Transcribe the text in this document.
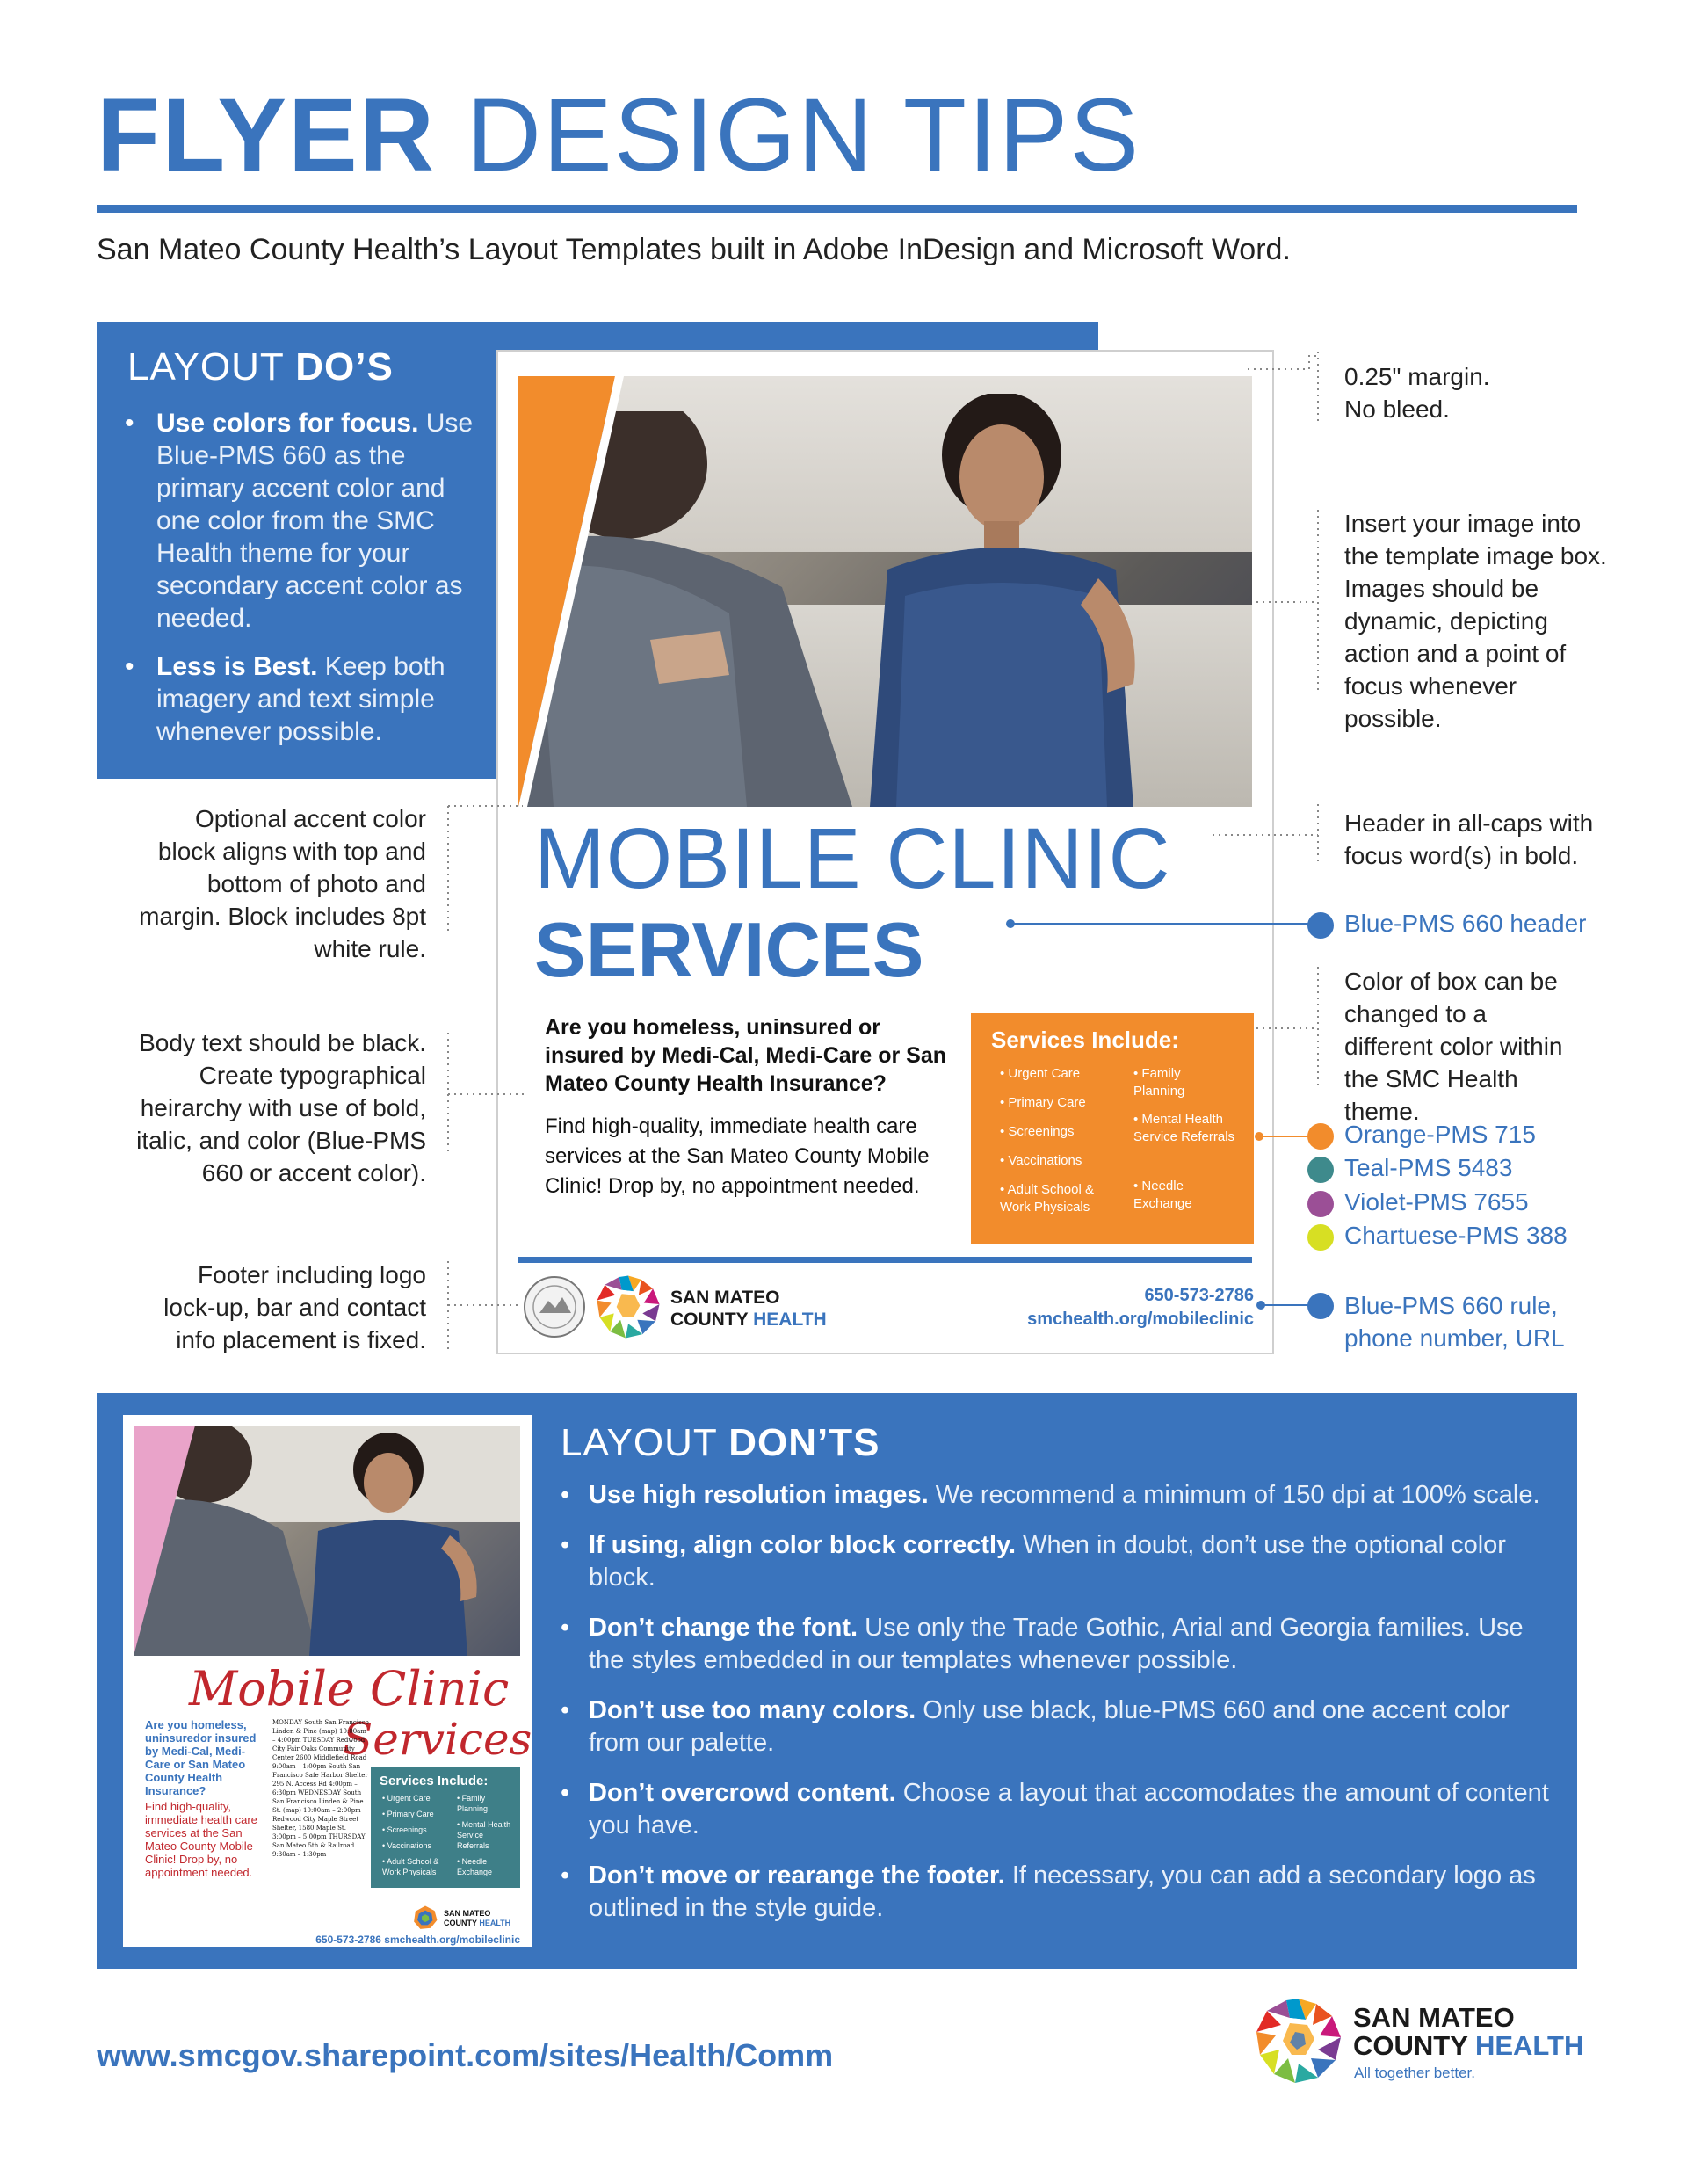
FLYER DESIGN TIPS
San Mateo County Health’s Layout Templates built in Adobe InDesign and Microsoft Word.
LAYOUT DO’S
• Use colors for focus. Use Blue-PMS 660 as the primary accent color and one color from the SMC Health theme for your secondary accent color as needed.
• Less is Best. Keep both imagery and text simple whenever possible.
MOBILE CLINIC
SERVICES
Are you homeless, uninsured or insured by Medi-Cal, Medi-Care or San Mateo County Health Insurance?
Find high-quality, immediate health care services at the San Mateo County Mobile Clinic! Drop by, no appointment needed.
Services Include:
• Urgent Care
• Primary Care
• Screenings
• Vaccinations
• Adult School & Work Physicals
• Family Planning
• Mental Health Service Referrals
• Needle Exchange
SAN MATEO
COUNTY HEALTH
650-573-2786
smchealth.org/mobileclinic
Optional accent color block aligns with top and bottom of photo and margin. Block includes 8pt white rule.
Body text should be black. Create typographical heirarchy with use of bold, italic, and color (Blue-PMS 660 or accent color).
Footer including logo lock-up, bar and contact info placement is fixed.
0.25" margin. No bleed.
Insert your image into the template image box. Images should be dynamic, depicting action and a point of focus whenever possible.
Header in all-caps with focus word(s) in bold.
Blue-PMS 660 header
Color of box can be changed to a different color within the SMC Health theme.
Orange-PMS 715
Teal-PMS 5483
Violet-PMS 7655
Chartuese-PMS 388
Blue-PMS 660 rule, phone number, URL
Mobile Clinic
Services
Are you homeless, uninsuredor insured by Medi-Cal, Medi-Care or San Mateo County Health Insurance?
Find high-quality, immediate health care services at the San Mateo County Mobile Clinic! Drop by, no appointment needed.
MONDAY South San Francisco Linden & Pine (map) 10:00am – 4:00pm TUESDAY Redwood City Fair Oaks Community Center 2600 Middlefield Road 9:00am – 1:00pm South San Francisco Safe Harbor Shelter 295 N. Access Rd 4:00pm – 6:30pm WEDNESDAY South San Francisco Linden & Pine St. (map) 10:00am – 2:00pm Redwood City Maple Street Shelter, 1580 Maple St. 3:00pm – 5:00pm THURSDAY San Mateo 5th & Railroad 9:30am – 1:30pm
Services Include:
• Urgent Care
• Primary Care
• Screenings
• Vaccinations
• Adult School & Work Physicals
• Family Planning
• Mental Health Service Referrals
• Needle Exchange
SAN MATEO
COUNTY HEALTH
650-573-2786 smchealth.org/mobileclinic
LAYOUT DON’TS
• Use high resolution images. We recommend a minimum of 150 dpi at 100% scale.
• If using, align color block correctly. When in doubt, don’t use the optional color block.
• Don’t change the font. Use only the Trade Gothic, Arial and Georgia families. Use the styles embedded in our templates whenever possible.
• Don’t use too many colors. Only use black, blue-PMS 660 and one accent color from our palette.
• Don’t overcrowd content. Choose a layout that accomodates the amount of content you have.
• Don’t move or rearange the footer. If necessary, you can add a secondary logo as outlined in the style guide.
www.smcgov.sharepoint.com/sites/Health/Comm
SAN MATEO
COUNTY HEALTH
All together better.
